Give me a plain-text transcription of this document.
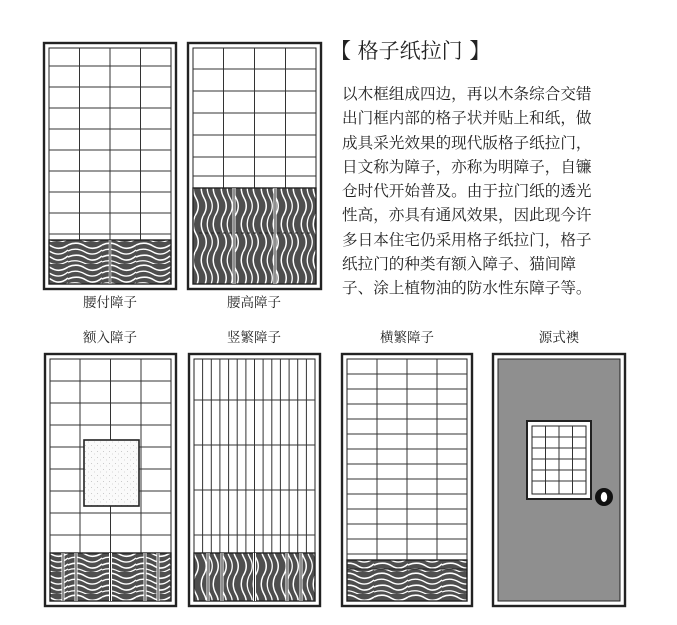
腰付障子	腰高障子
额入障子	竖繁障子	横繁障子	源式襖
【 格子纸拉门 】
以木框组成四边，再以木条综合交错
出门框内部的格子状并贴上和纸，做
成具采光效果的现代版格子纸拉门，
日文称为障子，亦称为明障子，自镰
仓时代开始普及。由于拉门纸的透光
性高，亦具有通风效果，因此现今许
多日本住宅仍采用格子纸拉门，格子
纸拉门的种类有额入障子、猫间障
子、涂上植物油的防水性东障子等。
